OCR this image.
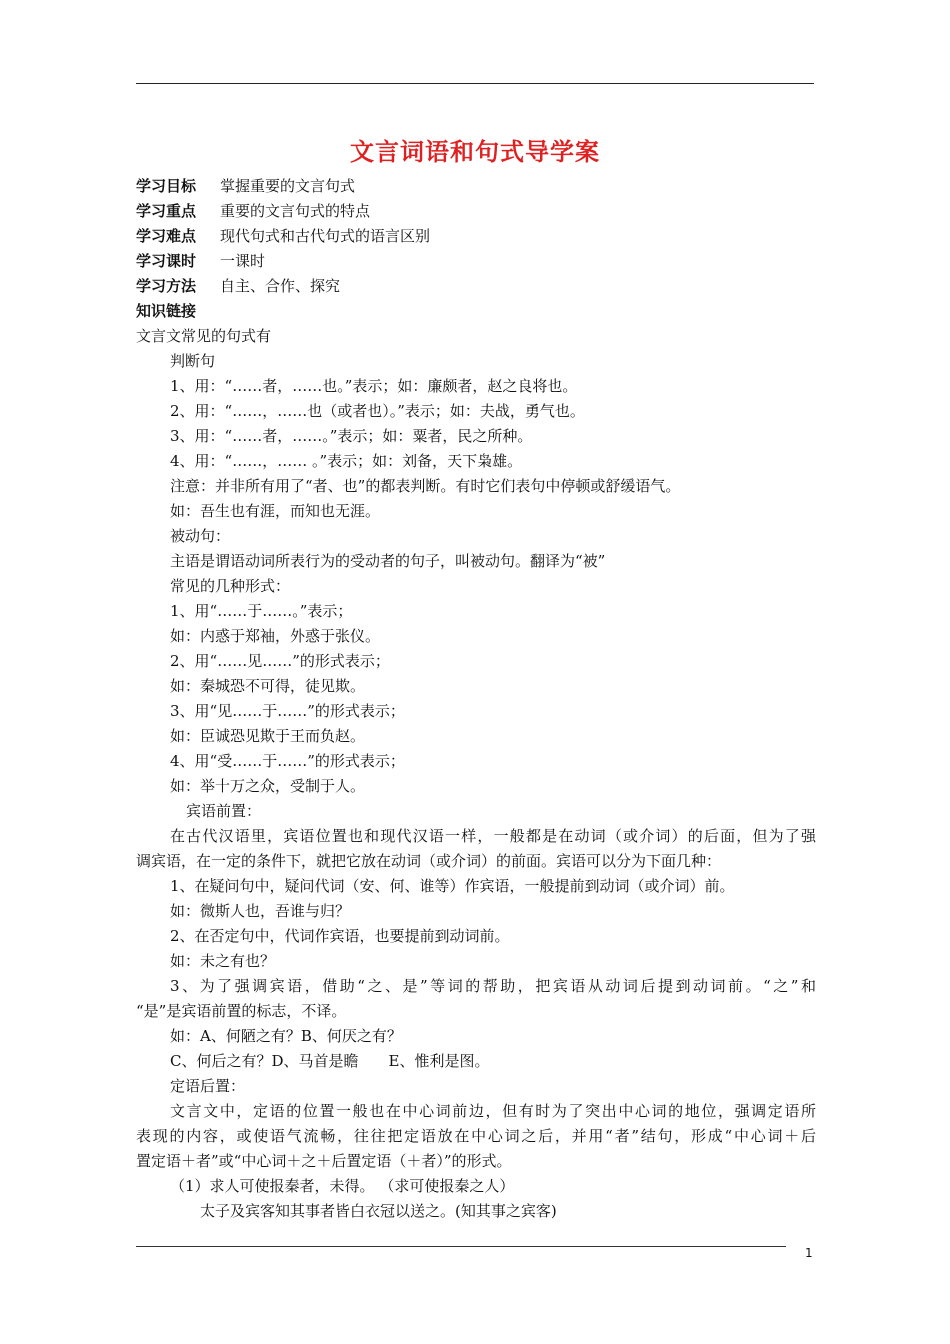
文言词语和句式导学案
学习目标 掌握重要的文言句式
学习重点 重要的文言句式的特点
学习难点 现代句式和古代句式的语言区别
学习课时 一课时
学习方法 自主、合作、探究
知识链接
文言文常见的句式有
判断句
1、用：“……者，……也。”表示；如：廉颇者，赵之良将也。
2、用：“……，……也（或者也）。”表示；如：夫战，勇气也。
3、用：“……者，……。”表示；如：粟者，民之所种。
4、用：“……，…… 。”表示；如：刘备，天下枭雄。
注意：并非所有用了“者、也”的都表判断。有时它们表句中停顿或舒缓语气。
如：吾生也有涯，而知也无涯。
被动句：
主语是谓语动词所表行为的受动者的句子，叫被动句。翻译为“被”
常见的几种形式：
1、用“……于……。”表示；
如：内惑于郑袖，外惑于张仪。
2、用“……见……”的形式表示；
如：秦城恐不可得，徒见欺。
3、用“见……于……”的形式表示；
如：臣诚恐见欺于王而负赵。
4、用“受……于……”的形式表示；
如：举十万之众，受制于人。
宾语前置：
在古代汉语里，宾语位置也和现代汉语一样，一般都是在动词（或介词）的后面，但为了强
调宾语，在一定的条件下，就把它放在动词（或介词）的前面。宾语可以分为下面几种：
1、在疑问句中，疑问代词（安、何、谁等）作宾语，一般提前到动词（或介词）前。
如：微斯人也，吾谁与归？
2、在否定句中，代词作宾语，也要提前到动词前。
如：未之有也？
3、为了强调宾语，借助“之、是”等词的帮助，把宾语从动词后提到动词前。“之”和
“是”是宾语前置的标志，不译。
如：A、何陋之有？B、何厌之有？
C、何后之有？D、马首是瞻　　E、惟利是图。
定语后置：
文言文中，定语的位置一般也在中心词前边，但有时为了突出中心词的地位，强调定语所
表现的内容，或使语气流畅，往往把定语放在中心词之后，并用“者”结句，形成“中心词＋后
置定语＋者”或“中心词＋之＋后置定语（＋者）”的形式。
（1）求人可使报秦者，未得。 （求可使报秦之人）
太子及宾客知其事者皆白衣冠以送之。(知其事之宾客)
1
